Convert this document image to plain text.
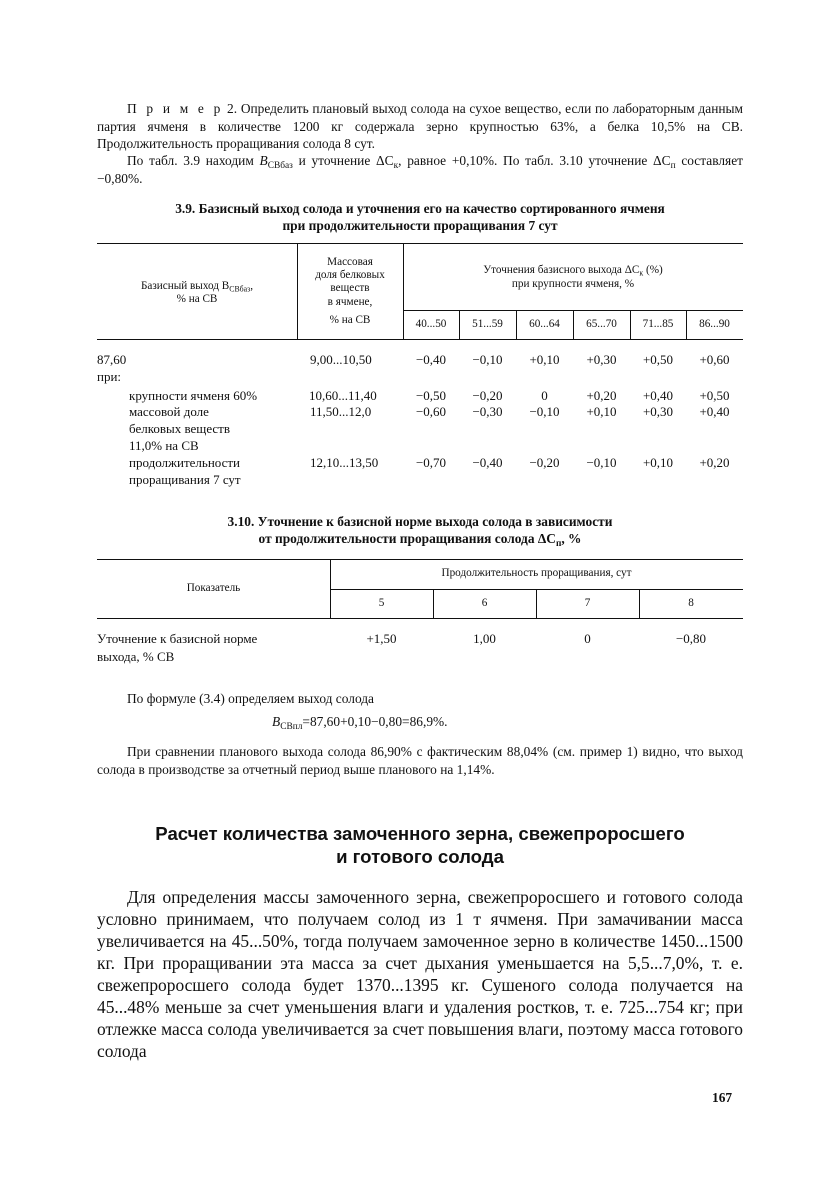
П р и м е р 2. Определить плановый выход солода на сухое вещество, если по лабораторным данным партия ячменя в количестве 1200 кг содержала зерно крупностью 63%, а белка 10,5% на СВ. Продолжительность проращивания солода 8 сут.

По табл. 3.9 находим $B_{СВбаз}$ и уточнение $\Delta C_к$, равное +0,10%. По табл. 3.10 уточнение $\Delta C_п$ составляет −0,80%.

3.9. Базисный выход солода и уточнения его на качество сортированного ячменя

при продолжительности проращивания 7 сут

Базисный выход $B_{СВбаз}$,
% на СВ
Массовая
доля белковых
веществ
в ячмене,
% на СВ
Уточнения базисного выхода $\Delta C_к$ (%)
при крупности ячменя, %
40...50	51...59	60...64	65...70	71...85	86...90
87,60	9,00...10,50	−0,40	−0,10	+0,10	+0,30	+0,50	+0,60
при:
крупности ячменя 60%	10,60...11,40	−0,50	−0,20	0	+0,20	+0,40	+0,50
массовой доле
белковых веществ
11,0% на СВ
11,50...12,0	−0,60	−0,30	−0,10	+0,10	+0,30	+0,40
продолжительности
проращивания 7 сут
12,10...13,50	−0,70	−0,40	−0,20	−0,10	+0,10	+0,20

3.10. Уточнение к базисной норме выхода солода в зависимости

от продолжительности проращивания солода $\Delta C_п$, %

Показатель
Продолжительность проращивания, сут
5	6	7	8
Уточнение к базисной норме
выхода, % СВ
+1,50	1,00	0	−0,80

По формуле (3.4) определяем выход солода

$B_{СВпл}=87,60+0,10-0,80=86,9\%$.

При сравнении планового выхода солода 86,90% с фактическим 88,04% (см. пример 1) видно, что выход солода в производстве за отчетный период выше планового на 1,14%.

Расчет количества замоченного зерна, свежепроросшего
и готового солода

Для определения массы замоченного зерна, свежепроросшего и готового солода условно принимаем, что получаем солод из 1 т ячменя. При замачивании масса увеличивается на 45...50%, тогда получаем замоченное зерно в количестве 1450...1500 кг. При проращивании эта масса за счет дыхания уменьшается на 5,5...7,0%, т. е. свежепроросшего солода будет 1370...1395 кг. Сушеного солода получается на 45...48% меньше за счет уменьшения влаги и удаления ростков, т. е. 725...754 кг; при отлежке масса солода увеличивается за счет повышения влаги, поэтому масса готового солода

167
